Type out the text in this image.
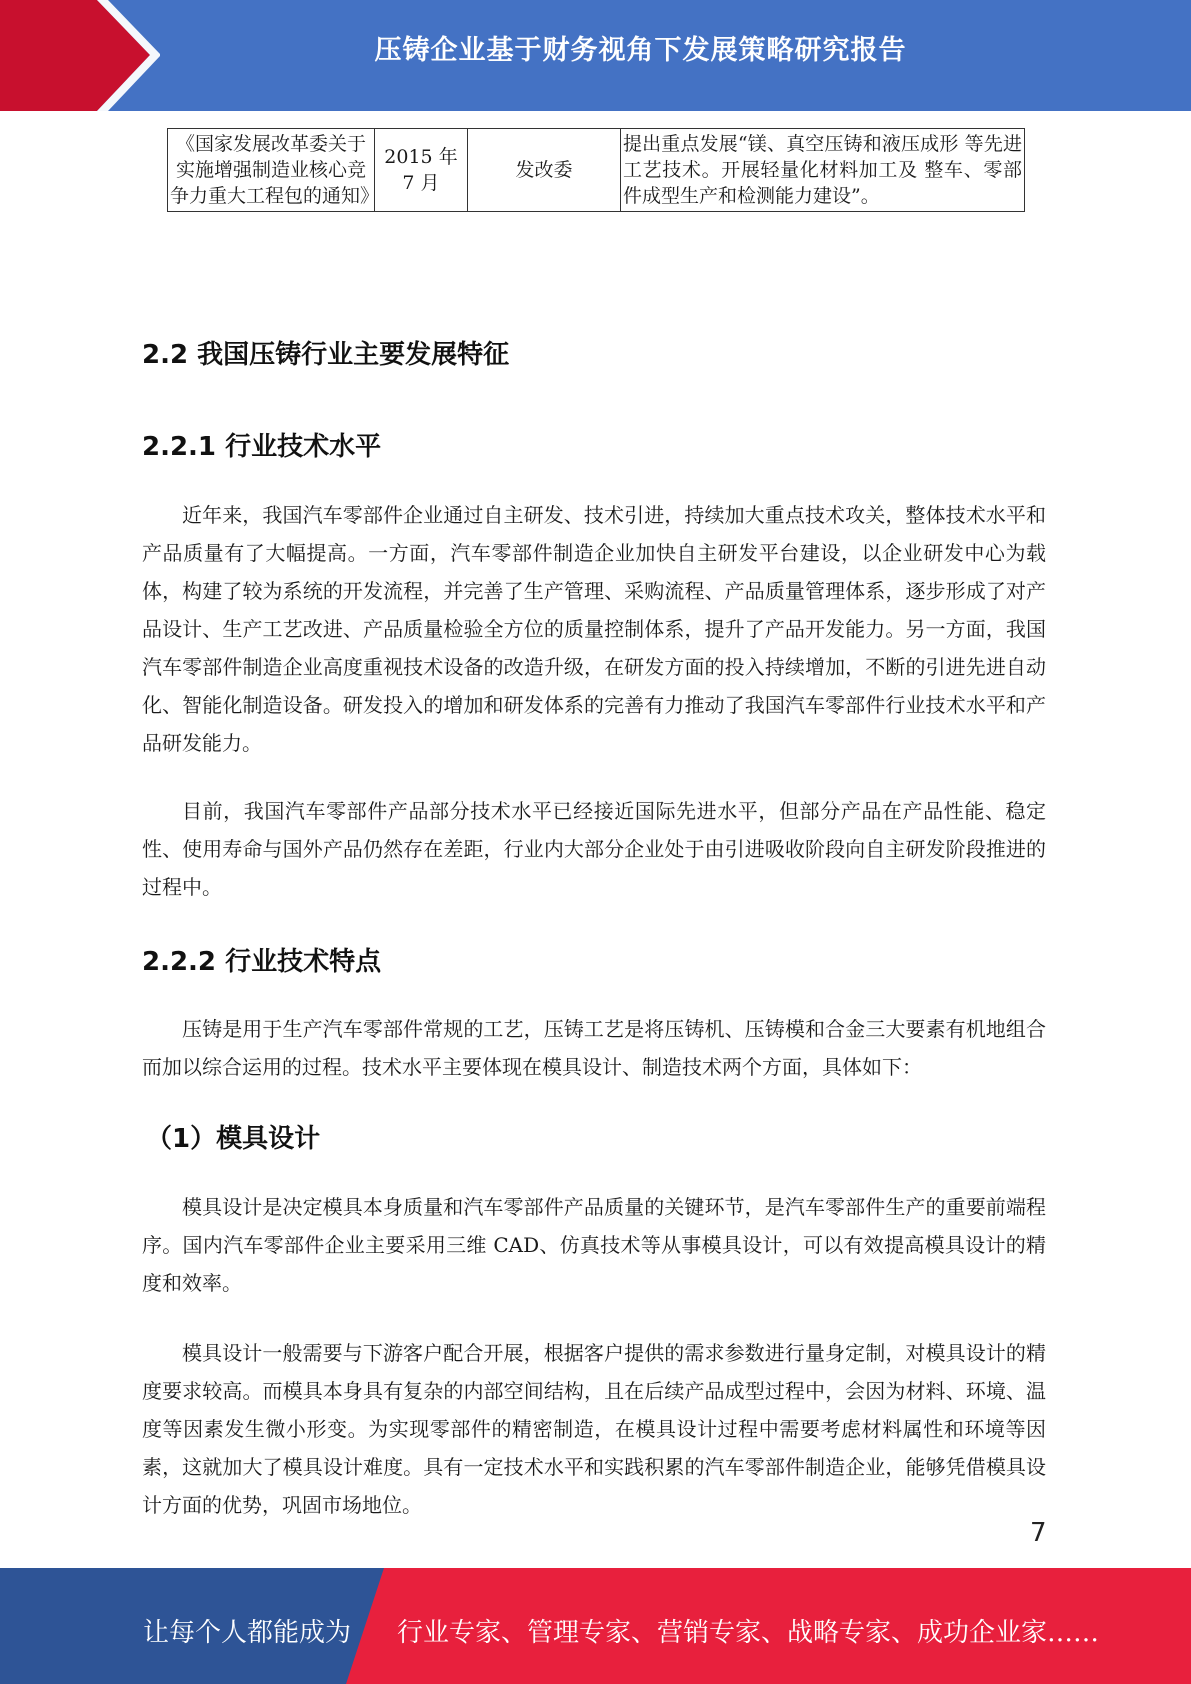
压铸企业基于财务视角下发展策略研究报告
《国家发展改革委关于实施增强制造业核心竞争力重大工程包的通知》	2015 年 7 月	发改委	提出重点发展“镁、真空压铸和液压成形 等先进工艺技术。开展轻量化材料加工及 整车、零部件成型生产和检测能力建设”。
2.2 我国压铸行业主要发展特征
2.2.1 行业技术水平

近年来，我国汽车零部件企业通过自主研发、技术引进，持续加大重点技术攻关，整体技术水平和产品质量有了大幅提高。一方面，汽车零部件制造企业加快自主研发平台建设，以企业研发中心为载体，构建了较为系统的开发流程，并完善了生产管理、采购流程、产品质量管理体系，逐步形成了对产品设计、生产工艺改进、产品质量检验全方位的质量控制体系，提升了产品开发能力。另一方面，我国汽车零部件制造企业高度重视技术设备的改造升级，在研发方面的投入持续增加，不断的引进先进自动化、智能化制造设备。研发投入的增加和研发体系的完善有力推动了我国汽车零部件行业技术水平和产品研发能力。

目前，我国汽车零部件产品部分技术水平已经接近国际先进水平，但部分产品在产品性能、稳定性、使用寿命与国外产品仍然存在差距，行业内大部分企业处于由引进吸收阶段向自主研发阶段推进的过程中。

2.2.2 行业技术特点

压铸是用于生产汽车零部件常规的工艺，压铸工艺是将压铸机、压铸模和合金三大要素有机地组合而加以综合运用的过程。技术水平主要体现在模具设计、制造技术两个方面，具体如下：

（1）模具设计

模具设计是决定模具本身质量和汽车零部件产品质量的关键环节，是汽车零部件生产的重要前端程序。国内汽车零部件企业主要采用三维 CAD、仿真技术等从事模具设计，可以有效提高模具设计的精度和效率。

模具设计一般需要与下游客户配合开展，根据客户提供的需求参数进行量身定制，对模具设计的精度要求较高。而模具本身具有复杂的内部空间结构，且在后续产品成型过程中，会因为材料、环境、温度等因素发生微小形变。为实现零部件的精密制造，在模具设计过程中需要考虑材料属性和环境等因素，这就加大了模具设计难度。具有一定技术水平和实践积累的汽车零部件制造企业，能够凭借模具设计方面的优势，巩固市场地位。

7
让每个人都能成为 行业专家、管理专家、营销专家、战略专家、成功企业家……
